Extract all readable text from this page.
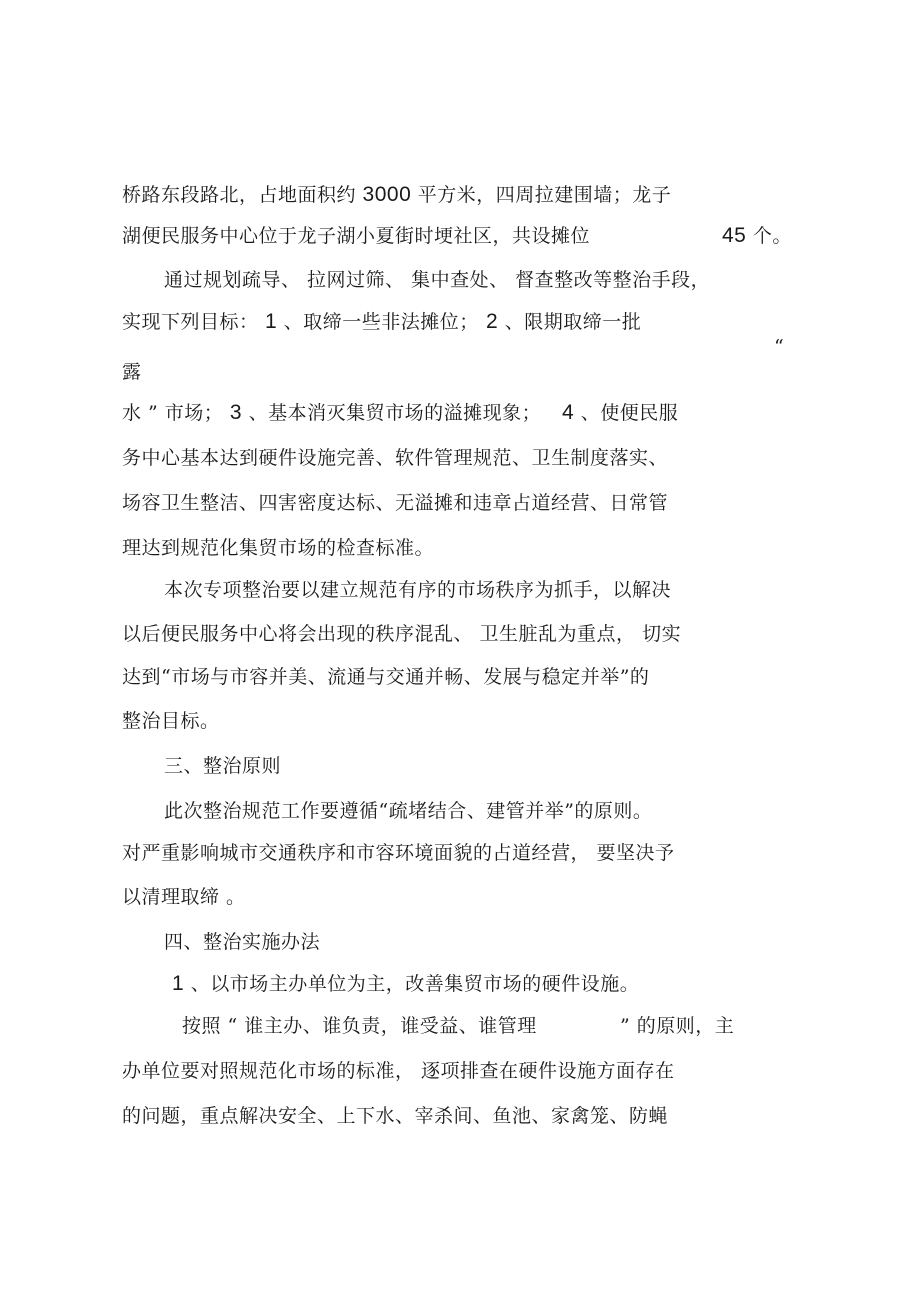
桥路东段路北，占地面积约 3000 平方米，四周拉建围墙；龙子
湖便民服务中心位于龙子湖小夏街时埂社区，共设摊位	45 个。
通过规划疏导、 拉网过筛、 集中查处、 督查整改等整治手段，
实现下列目标： 1 、取缔一些非法摊位； 2 、限期取缔一批
“
露
水 ” 市场； 3 、基本消灭集贸市场的溢摊现象； 4 、使便民服
务中心基本达到硬件设施完善、软件管理规范、卫生制度落实、
场容卫生整洁、四害密度达标、无溢摊和违章占道经营、日常管
理达到规范化集贸市场的检查标准。
本次专项整治要以建立规范有序的市场秩序为抓手，以解决
以后便民服务中心将会出现的秩序混乱、 卫生脏乱为重点， 切实
达到“市场与市容并美、流通与交通并畅、发展与稳定并举”的
整治目标。
三、整治原则
此次整治规范工作要遵循“疏堵结合、建管并举”的原则。
对严重影响城市交通秩序和市容环境面貌的占道经营， 要坚决予
以清理取缔 。
四、整治实施办法
1 、以市场主办单位为主，改善集贸市场的硬件设施。
按照 “ 谁主办、谁负责，谁受益、谁管理	” 的原则，主
办单位要对照规范化市场的标准， 逐项排查在硬件设施方面存在
的问题，重点解决安全、上下水、宰杀间、鱼池、家禽笼、防蝇
